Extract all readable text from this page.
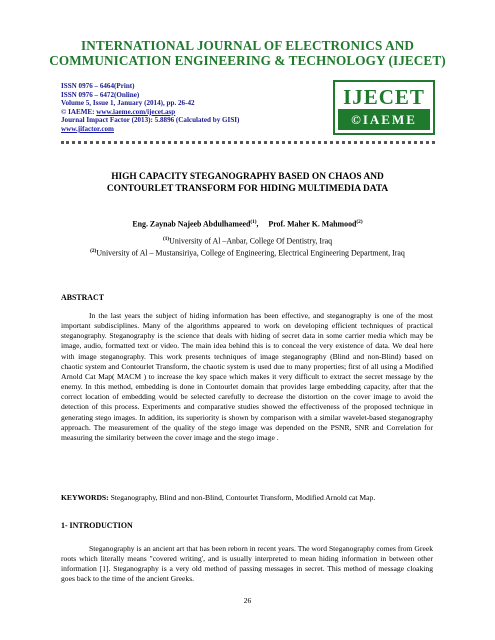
INTERNATIONAL JOURNAL OF ELECTRONICS AND
COMMUNICATION ENGINEERING & TECHNOLOGY (IJECET)
ISSN 0976 – 6464(Print)
ISSN 0976 – 6472(Online)
Volume 5, Issue 1, January (2014), pp. 26-42
© IAEME: www.iaeme.com/ijecet.asp
Journal Impact Factor (2013): 5.8896 (Calculated by GISI)
www.jifactor.com
IJECET
©IAEME
HIGH CAPACITY STEGANOGRAPHY BASED ON CHAOS AND
CONTOURLET TRANSFORM FOR HIDING MULTIMEDIA DATA
Eng. Zaynab Najeeb Abdulhameed$^{(1)}$,     Prof. Maher K. Mahmood$^{(2)}$
$^{(1)}$University of Al –Anbar, College Of Dentistry, Iraq
$^{(2)}$University of Al – Mustansiriya, College of Engineering, Electrical Engineering Department, Iraq
ABSTRACT
In the last years the subject of hiding information has been effective, and steganography is one of the most important subdisciplines. Many of the algorithms appeared to work on developing efficient techniques of practical steganography. Steganography is the science that deals with hiding of secret data in some carrier media which may be image, audio, formatted text or video. The main idea behind this is to conceal the very existence of data. We deal here with image steganography. This work presents techniques of image steganography (Blind and non-Blind) based on chaotic system and Contourlet Transform, the chaotic system is used due to many properties; first of all using a Modified Arnold Cat Map( MACM ) to increase the key space which makes it very difficult to extract the secret message by the enemy. In this method, embedding is done in Contourlet domain that provides large embedding capacity, after that the correct location of embedding would be selected carefully to decrease the distortion on the cover image to avoid the detection of this process. Experiments and comparative studies showed the effectiveness of the proposed technique in generating stego images. In addition, its superiority is shown by comparison with a similar wavelet-based steganography approach. The measurement of the quality of the stego image was depended on the PSNR, SNR and Correlation for measuring the similarity between the cover image and the stego image .
KEYWORDS: Steganography, Blind and non-Blind, Contourlet Transform, Modified Arnold cat Map.
1- INTRODUCTION
Steganography is an ancient art that has been reborn in recent years. The word Steganography comes from Greek roots which literally means "covered writing', and is usually interpreted to mean hiding information in between other information [1]. Steganography is a very old method of passing messages in secret. This method of message cloaking goes back to the time of the ancient Greeks.
26
